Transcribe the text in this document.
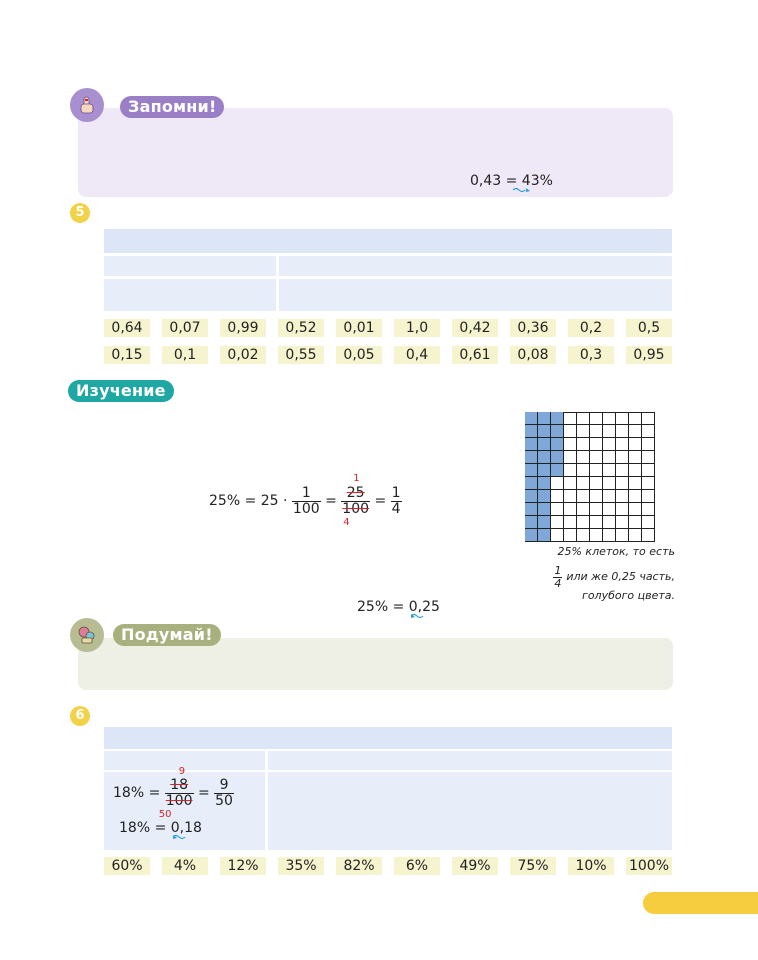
Запомни!
0,43 = 43%
5
0,64	0,07	0,99	0,52	0,01	1,0	0,42	0,36	0,2	0,5
0,15	0,1	0,02	0,55	0,05	0,4	0,61	0,08	0,3	0,95
Изучение
$25\% = 25 \cdot \frac{1}{100}$ =
1
25
100
4
= $\frac{1}{4}$
25% = 0,25
25% клеток, то есть
$\frac{1}{4}$ или же 0,25 часть,
голубого цвета.
Подумай!
6
18% =
9
18
100
50
= $\frac{9}{50}$
18% = 0,18
60%	4%	12%	35%	82%	6%	49%	75%	10%	100%
